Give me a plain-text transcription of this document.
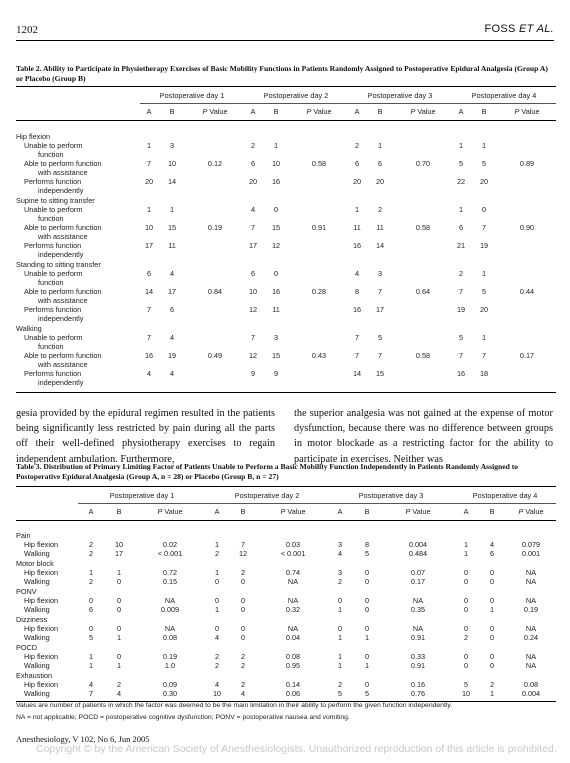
1202	FOSS ET AL.
Table 2. Ability to Participate in Physiotherapy Exercises of Basic Mobility Functions in Patients Randomly Assigned to Postoperative Epidural Analgesia (Group A) or Placebo (Group B)
	Postoperative day 1			Postoperative day 2			Postoperative day 3			Postoperative day 4		
	A	B	P Value	A	B	P Value	A	B	P Value	A	B	P Value

Hip flexion												

Unable to perform
function	1	3		2	1		2	1		1	1	

Able to perform function
with assistance	7	10	0.12	6	10	0.58	6	6	0.70	5	5	0.89

Performs function
independently	20	14		20	16		20	20		22	20	
Supine to sitting transfer												

Unable to perform
function	1	1		4	0		1	2		1	0	

Able to perform function
with assistance	10	15	0.19	7	15	0.91	11	11	0.58	6	7	0.90

Performs function
independently	17	11		17	12		16	14		21	19	
Standing to sitting transfer												

Unable to perform
function	6	4		6	0		4	3		2	1	

Able to perform function
with assistance	14	17	0.84	10	16	0.28	8	7	0.64	7	5	0.44

Performs function
independently	7	6		12	11		16	17		19	20	
Walking												

Unable to perform
function	7	4		7	3		7	5		5	1	

Able to perform function
with assistance	16	19	0.49	12	15	0.43	7	7	0.58	7	7	0.17

Performs function
independently	4	4		9	9		14	15		16	18	

gesia provided by the epidural regimen resulted in the patients being significantly less restricted by pain during all the parts off their well-defined physiotherapy exercises to regain independent ambulation. Furthermore,

the superior analgesia was not gained at the expense of motor dysfunction, because there was no difference between groups in motor blockade as a restricting factor for the ability to participate in exercises. Neither was

Table 3. Distribution of Primary Limiting Factor of Patients Unable to Perform a Basic Mobility Function Independently in Patients Randomly Assigned to Postoperative Epidural Analgesia (Group A, n = 28) or Placebo (Group B, n = 27)
	Postoperative day 1			Postoperative day 2			Postoperative day 3			Postoperative day 4		
	A	B	P Value	A	B	P Value	A	B	P Value	A	B	P Value

Pain												
Hip flexion	2	10	0.02	1	7	0.03	3	8	0.004	1	4	0.079
Walking	2	17	< 0.001	2	12	< 0.001	4	5	0.484	1	6	0.001
Motor block												
Hip flexion	1	1	0.72	1	2	0.74	3	0	0.07	0	0	NA
Walking	2	0	0.15	0	0	NA	2	0	0.17	0	0	NA
PONV												
Hip flexion	0	0	NA	0	0	NA	0	0	NA	0	0	NA
Walking	6	0	0.009	1	0	0.32	1	0	0.35	0	1	0.19
Dizziness												
Hip flexion	0	0	NA	0	0	NA	0	0	NA	0	0	NA
Walking	5	1	0.08	4	0	0.04	1	1	0.91	2	0	0.24
POCD												
Hip flexion	1	0	0.19	2	2	0.08	1	0	0.33	0	0	NA
Walking	1	1	1.0	2	2	0.95	1	1	0.91	0	0	NA
Exhaustion												
Hip flexion	4	2	0.09	4	2	0.14	2	0	0.16	5	2	0.08
Walking	7	4	0.30	10	4	0.06	5	5	0.76	10	1	0.004

Values are number of patients in which the factor was deemed to be the main limitation in their ability to perform the given function independently.
NA = not applicable; POCD = postoperative cognitive dysfunction; PONV = postoperative nausea and vomiting.
Anesthesiology, V 102, No 6, Jun 2005
Copyright © by the American Society of Anesthesiologists. Unauthorized reproduction of this article is prohibited.
